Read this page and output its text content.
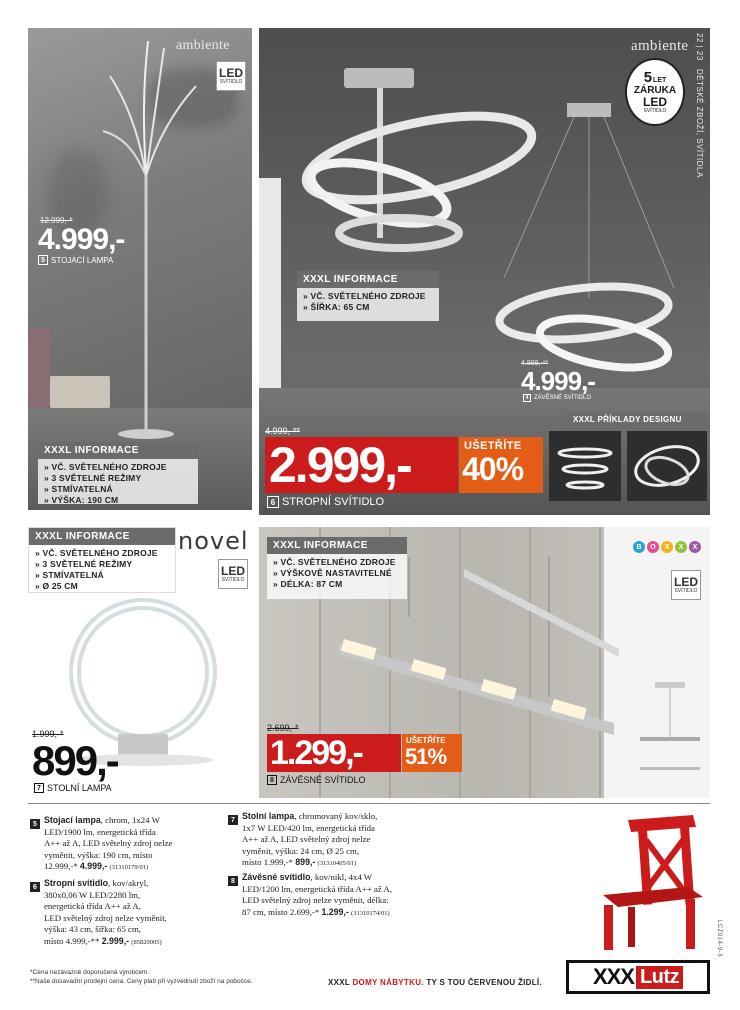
ambiente
LED
SVÍTIDLO
12.999,-*
4.999,-
5 STOJACÍ LAMPA
XXXL INFORMACE
» VČ. SVĚTELNÉHO ZDROJE
» 3 SVĚTELNÉ REŽIMY
» STMÍVATELNÁ
» VÝŠKA: 190 CM
ambiente
5 LET
ZÁRUKA
LED
SVÍTIDLO
22 | 23
DĚTSKÉ ZBOŽÍ, SVÍTIDLA
XXXL INFORMACE
» VČ. SVĚTELNÉHO ZDROJE
» ŠÍŘKA: 65 CM
4.999,-**
4.999,-
4 ZÁVĚSNÉ SVÍTIDLO
XXXL PŘÍKLADY DESIGNU
4.999,-**
2.999,-	UŠETŘÍTE
40%
6 STROPNÍ SVÍTIDLO
XXXL INFORMACE
» VČ. SVĚTELNÉHO ZDROJE
» 3 SVĚTELNÉ REŽIMY
» STMÍVATELNÁ
» Ø 25 CM
novel
LED
SVÍTIDLO
1.999,-*
899,-
7 STOLNÍ LAMPA
B	O	X	X	X
LED
SVÍTIDLO
XXXL INFORMACE
» VČ. SVĚTELNÉHO ZDROJE
» VÝŠKOVĚ NASTAVITELNÉ
» DÉLKA: 87 CM
2.699,-*
1.299,-	UŠETŘÍTE
51%
8 ZÁVĚSNÉ SVÍTIDLO
5 Stojací lampa, chrom, 1x24 W
LED/1900 lm, energetická třída
A++ až A, LED světelný zdroj nelze
vyměnit, výška: 190 cm, místo
12.999,-* 4.999,- (31310179/01)
6 Stropní svítidlo, kov/akryl,
380x0,06 W LED/2280 lm,
energetická třída A++ až A,
LED světelný zdroj nelze vyměnit,
výška: 43 cm, šířka: 65 cm,
místo 4.999,-** 2.999,- (85820005)
7 Stolní lampa, chromovaný kov/sklo,
1x7 W LED/420 lm, energetická třída
A++ až A, LED světelný zdroj nelze
vyměnit, výška: 24 cm, Ø 25 cm,
místo 1.999,-* 899,- (31310405/01)
8 Závěsné svítidlo, kov/nikl, 4x4 W
LED/1200 lm, energetická třída A++ až A,
LED světelný zdroj nelze vyměnit, délka:
87 cm, místo 2.699,-* 1.299,- (31310174/01)
*Cena nezávazně doporučená výrobcem.
**Naše dosavadní prodejní cena. Ceny platí při vyzvednutí zboží na pobočce.	XXXL DOMY NÁBYTKU. TY S TOU ČERVENOU ŽIDLÍ.
LCZ014-9-3
XXX Lutz
